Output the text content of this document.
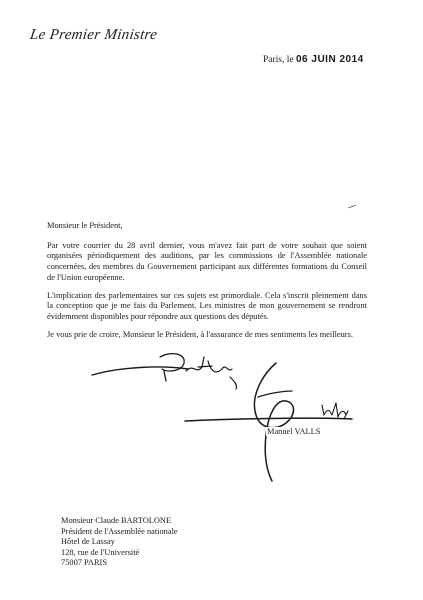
Le Premier Ministre
Paris, le 06 JUIN 2014

Monsieur le Président,

Par votre courrier du 28 avril dernier, vous m'avez fait part de votre souhait que soient organisées périodiquement des auditions, par les commissions de l'Assemblée nationale concernées, des membres du Gouvernement participant aux différentes formations du Conseil de l'Union européenne.

L'implication des parlementaires sur ces sujets est primordiale. Cela s'inscrit pleinement dans la conception que je me fais du Parlement. Les ministres de mon gouvernement se rendront évidemment disponibles pour répondre aux questions des députés.

Je vous prie de croire, Monsieur le Président, à l'assurance de mes sentiments les meilleurs.

Manuel VALLS
Monsieur Claude BARTOLONE
Président de l'Assemblée nationale
Hôtel de Lassay
128, rue de l'Université
75007 PARIS
